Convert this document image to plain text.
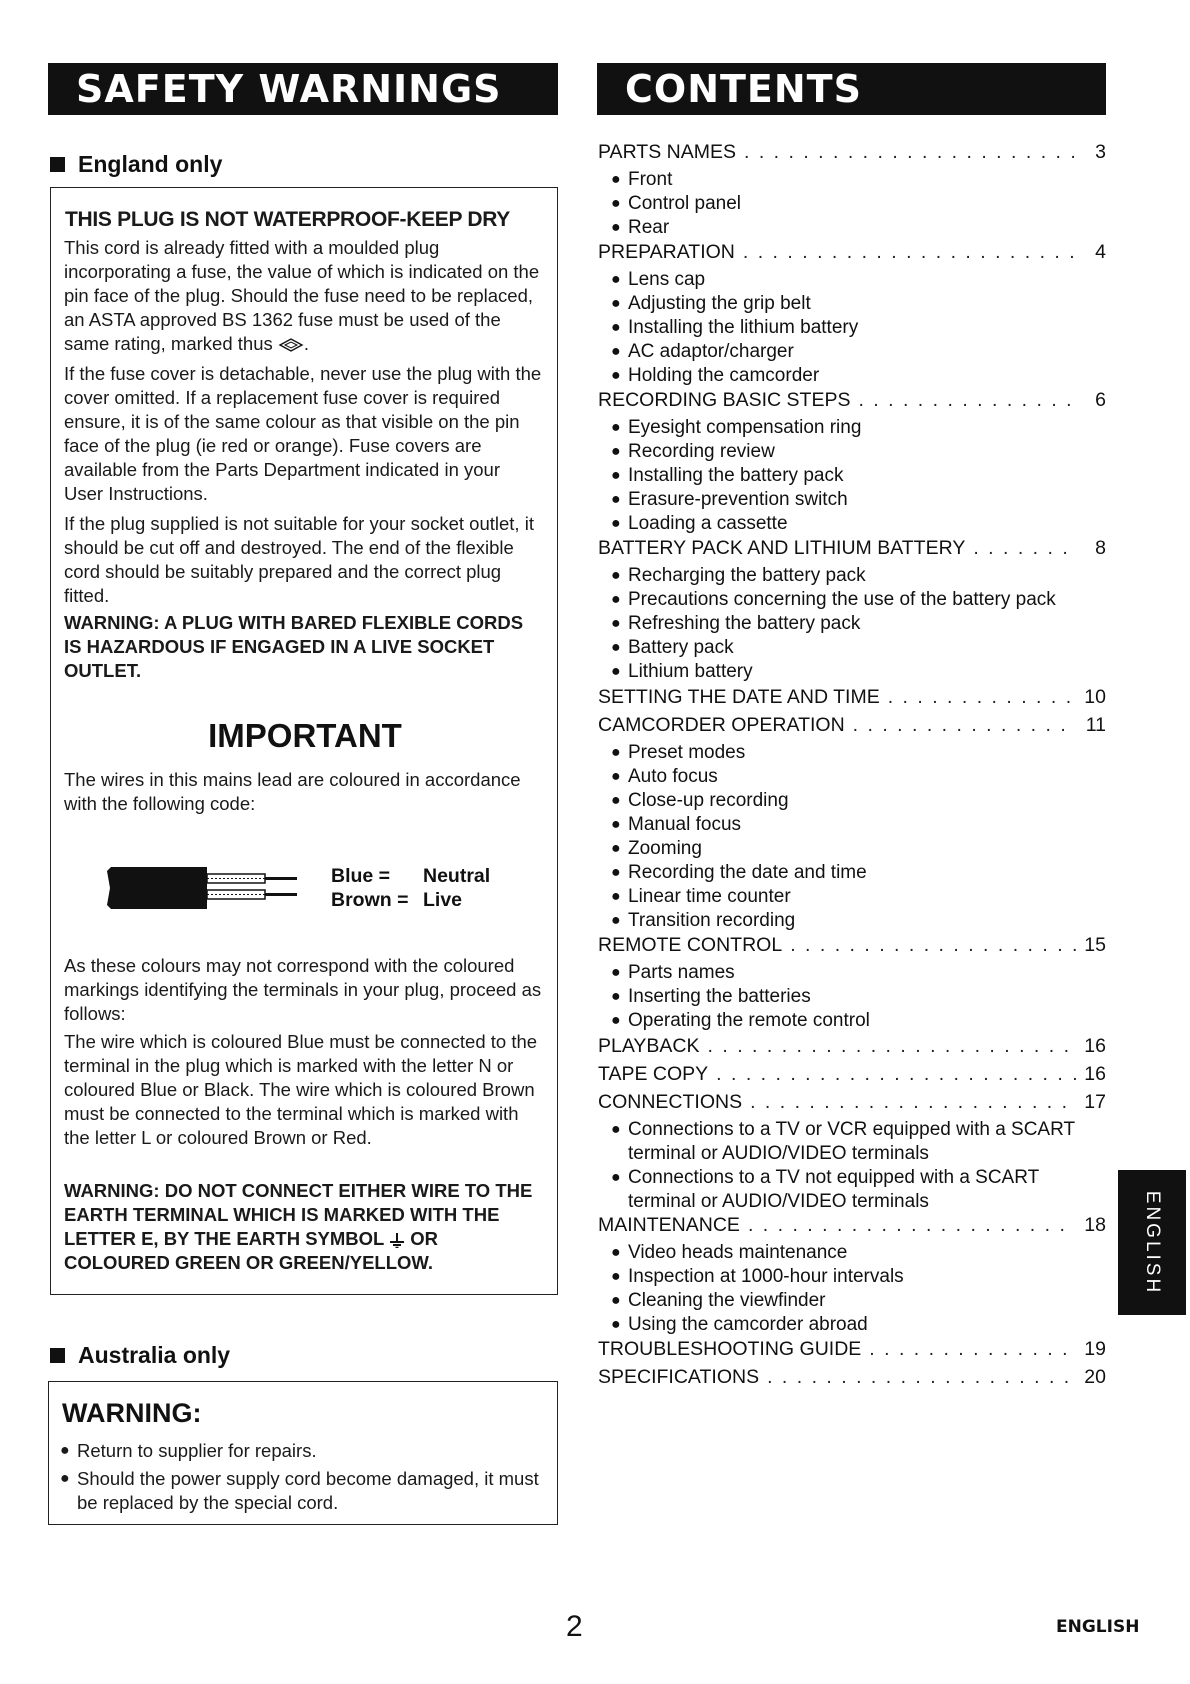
SAFETY WARNINGS	CONTENTS
England only
THIS PLUG IS NOT WATERPROOF-KEEP DRY
This cord is already fitted with a moulded plug incorporating a fuse, the value of which is indicated on the pin face of the plug. Should the fuse need to be replaced, an ASTA approved BS 1362 fuse must be used of the same rating, marked thus .
If the fuse cover is detachable, never use the plug with the cover omitted. If a replacement fuse cover is required ensure, it is of the same colour as that visible on the pin face of the plug (ie red or orange). Fuse covers are available from the Parts Department indicated in your User Instructions.
If the plug supplied is not suitable for your socket outlet, it should be cut off and destroyed. The end of the flexible cord should be suitably prepared and the correct plug fitted.
WARNING: A PLUG WITH BARED FLEXIBLE CORDS IS HAZARDOUS IF ENGAGED IN A LIVE SOCKET OUTLET.
IMPORTANT
The wires in this mains lead are coloured in accordance with the following code:
Blue = Neutral
Brown = Live
As these colours may not correspond with the coloured markings identifying the terminals in your plug, proceed as follows:
The wire which is coloured Blue must be connected to the terminal in the plug which is marked with the letter N or coloured Blue or Black. The wire which is coloured Brown must be connected to the terminal which is marked with the letter L or coloured Brown or Red.
WARNING: DO NOT CONNECT EITHER WIRE TO THE EARTH TERMINAL WHICH IS MARKED WITH THE LETTER E, BY THE EARTH SYMBOL OR COLOURED GREEN OR GREEN/YELLOW.
Australia only
WARNING:
● Return to supplier for repairs.
● Should the power supply cord become damaged, it must be replaced by the special cord.
PARTS NAMES . . .	3
● Front
● Control panel
● Rear
PREPARATION . . .	4
● Lens cap
● Adjusting the grip belt
● Installing the lithium battery
● AC adaptor/charger
● Holding the camcorder
RECORDING BASIC STEPS . . .	6
● Eyesight compensation ring
● Recording review
● Installing the battery pack
● Erasure-prevention switch
● Loading a cassette
BATTERY PACK AND LITHIUM BATTERY . . .	8
● Recharging the battery pack
● Precautions concerning the use of the battery pack
● Refreshing the battery pack
● Battery pack
● Lithium battery
SETTING THE DATE AND TIME . . .	10
CAMCORDER OPERATION . . .	11
● Preset modes
● Auto focus
● Close-up recording
● Manual focus
● Zooming
● Recording the date and time
● Linear time counter
● Transition recording
REMOTE CONTROL . . .	15
● Parts names
● Inserting the batteries
● Operating the remote control
PLAYBACK . . .	16
TAPE COPY . . .	16
CONNECTIONS . . .	17
● Connections to a TV or VCR equipped with a SCART terminal or AUDIO/VIDEO terminals
● Connections to a TV not equipped with a SCART terminal or AUDIO/VIDEO terminals
MAINTENANCE . . .	18
● Video heads maintenance
● Inspection at 1000-hour intervals
● Cleaning the viewfinder
● Using the camcorder abroad
TROUBLESHOOTING GUIDE . . .	19
SPECIFICATIONS . . .	20
ENGLISH
2	ENGLISH
